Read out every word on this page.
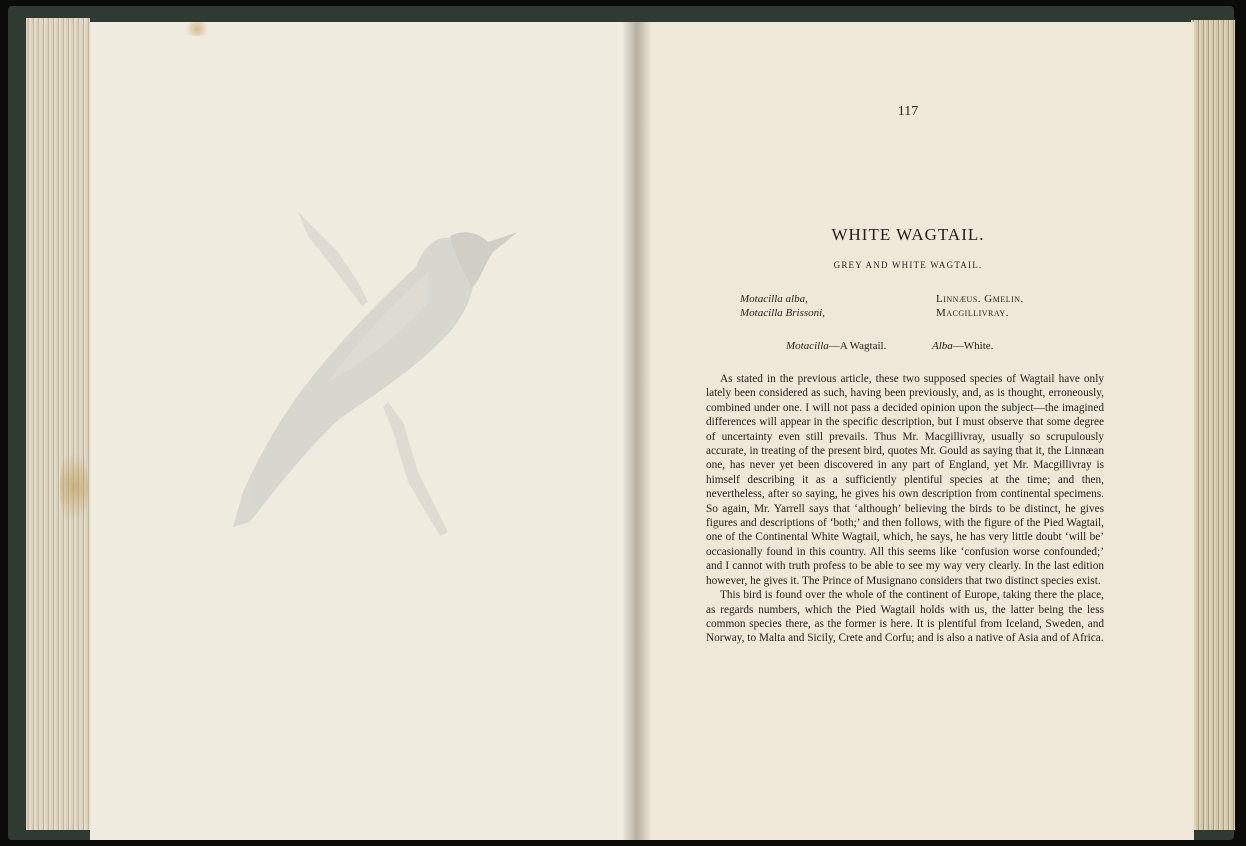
117
WHITE WAGTAIL.
GREY AND WHITE WAGTAIL.
Motacilla alba,	Linnæus. Gmelin.
Motacilla Brissoni,	Macgillivray.
Motacilla—A Wagtail.	Alba—White.

As stated in the previous article, these two supposed species of Wagtail have only lately been considered as such, having been previously, and, as is thought, erroneously, combined under one. I will not pass a decided opinion upon the subject—the imagined differences will appear in the specific description, but I must observe that some degree of uncertainty even still prevails. Thus Mr. Macgillivray, usually so scrupulously accurate, in treating of the present bird, quotes Mr. Gould as saying that it, the Linnæan one, has never yet been discovered in any part of England, yet Mr. Macgillivray is himself describing it as a sufficiently plentiful species at the time; and then, nevertheless, after so saying, he gives his own description from continental specimens. So again, Mr. Yarrell says that ‘although’ believing the birds to be distinct, he gives figures and descriptions of ‘both;’ and then follows, with the figure of the Pied Wagtail, one of the Continental White Wagtail, which, he says, he has very little doubt ‘will be’ occasionally found in this country. All this seems like ‘confusion worse confounded;’ and I cannot with truth profess to be able to see my way very clearly. In the last edition however, he gives it. The Prince of Musignano considers that two distinct species exist.

This bird is found over the whole of the continent of Europe, taking there the place, as regards numbers, which the Pied Wagtail holds with us, the latter being the less common species there, as the former is here. It is plentiful from Iceland, Sweden, and Norway, to Malta and Sicily, Crete and Corfu; and is also a native of Asia and of Africa.
